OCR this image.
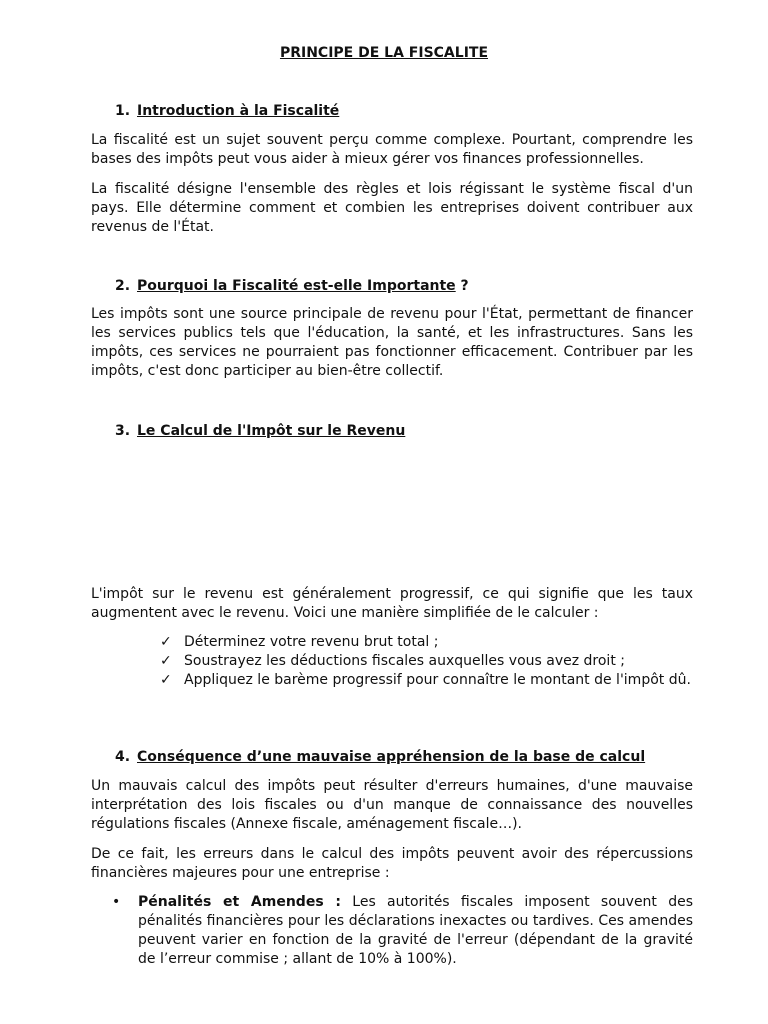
PRINCIPE DE LA FISCALITE
1. Introduction à la Fiscalité
La fiscalité est un sujet souvent perçu comme complexe. Pourtant, comprendre les bases des impôts peut vous aider à mieux gérer vos finances professionnelles.
La fiscalité désigne l'ensemble des règles et lois régissant le système fiscal d'un pays. Elle détermine comment et combien les entreprises doivent contribuer aux revenus de l'État.
2. Pourquoi la Fiscalité est-elle Importante ?
Les impôts sont une source principale de revenu pour l'État, permettant de financer les services publics tels que l'éducation, la santé, et les infrastructures. Sans les impôts, ces services ne pourraient pas fonctionner efficacement. Contribuer par les impôts, c'est donc participer au bien-être collectif.
3. Le Calcul de l'Impôt sur le Revenu
L'impôt sur le revenu est généralement progressif, ce qui signifie que les taux augmentent avec le revenu. Voici une manière simplifiée de le calculer :
✓ Déterminez votre revenu brut total ;
✓ Soustrayez les déductions fiscales auxquelles vous avez droit ;
✓ Appliquez le barème progressif pour connaître le montant de l'impôt dû.
4. Conséquence d’une mauvaise appréhension de la base de calcul
Un mauvais calcul des impôts peut résulter d'erreurs humaines, d'une mauvaise interprétation des lois fiscales ou d'un manque de connaissance des nouvelles régulations fiscales (Annexe fiscale, aménagement fiscale…).
De ce fait, les erreurs dans le calcul des impôts peuvent avoir des répercussions financières majeures pour une entreprise :
• Pénalités et Amendes : Les autorités fiscales imposent souvent des pénalités financières pour les déclarations inexactes ou tardives. Ces amendes peuvent varier en fonction de la gravité de l'erreur (dépendant de la gravité de l’erreur commise ; allant de 10% à 100%).
